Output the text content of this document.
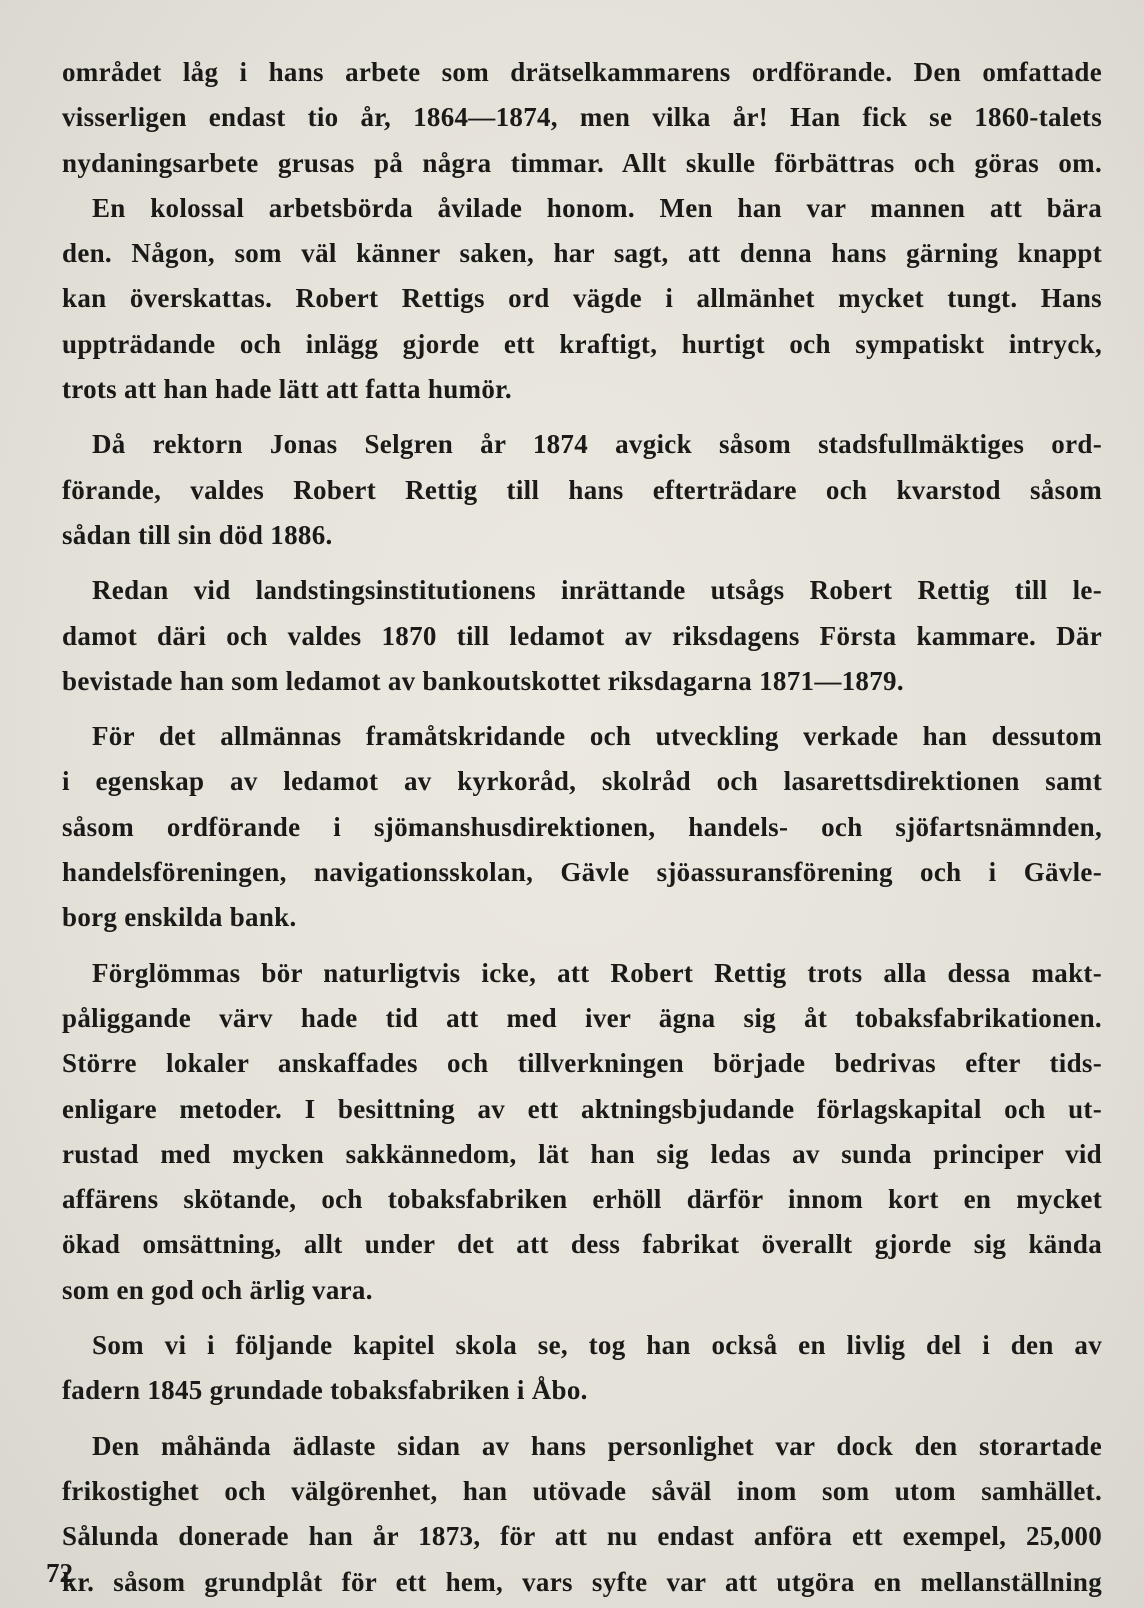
området låg i hans arbete som drätselkammarens ordförande. Den omfattade
visserligen endast tio år, 1864—1874, men vilka år! Han fick se 1860-talets
nydaningsarbete grusas på några timmar. Allt skulle förbättras och göras om.
En kolossal arbetsbörda åvilade honom. Men han var mannen att bära
den. Någon, som väl känner saken, har sagt, att denna hans gärning knappt
kan överskattas. Robert Rettigs ord vägde i allmänhet mycket tungt. Hans
uppträdande och inlägg gjorde ett kraftigt, hurtigt och sympatiskt intryck,
trots att han hade lätt att fatta humör.

Då rektorn Jonas Selgren år 1874 avgick såsom stadsfullmäktiges ord-
förande, valdes Robert Rettig till hans efterträdare och kvarstod såsom
sådan till sin död 1886.

Redan vid landstingsinstitutionens inrättande utsågs Robert Rettig till le-
damot däri och valdes 1870 till ledamot av riksdagens Första kammare. Där
bevistade han som ledamot av bankoutskottet riksdagarna 1871—1879.

För det allmännas framåtskridande och utveckling verkade han dessutom
i egenskap av ledamot av kyrkoråd, skolråd och lasarettsdirektionen samt
såsom ordförande i sjömanshusdirektionen, handels- och sjöfartsnämnden,
handelsföreningen, navigationsskolan, Gävle sjöassuransförening och i Gävle-
borg enskilda bank.

Förglömmas bör naturligtvis icke, att Robert Rettig trots alla dessa makt-
påliggande värv hade tid att med iver ägna sig åt tobaksfabrikationen.
Större lokaler anskaffades och tillverkningen började bedrivas efter tids-
enligare metoder. I besittning av ett aktningsbjudande förlagskapital och ut-
rustad med mycken sakkännedom, lät han sig ledas av sunda principer vid
affärens skötande, och tobaksfabriken erhöll därför innom kort en mycket
ökad omsättning, allt under det att dess fabrikat överallt gjorde sig kända
som en god och ärlig vara.

Som vi i följande kapitel skola se, tog han också en livlig del i den av
fadern 1845 grundade tobaksfabriken i Åbo.

Den måhända ädlaste sidan av hans personlighet var dock den storartade
frikostighet och välgörenhet, han utövade såväl inom som utom samhället.
Sålunda donerade han år 1873, för att nu endast anföra ett exempel, 25,000
kr. såsom grundplåt för ett hem, vars syfte var att utgöra en mellanställning

72
